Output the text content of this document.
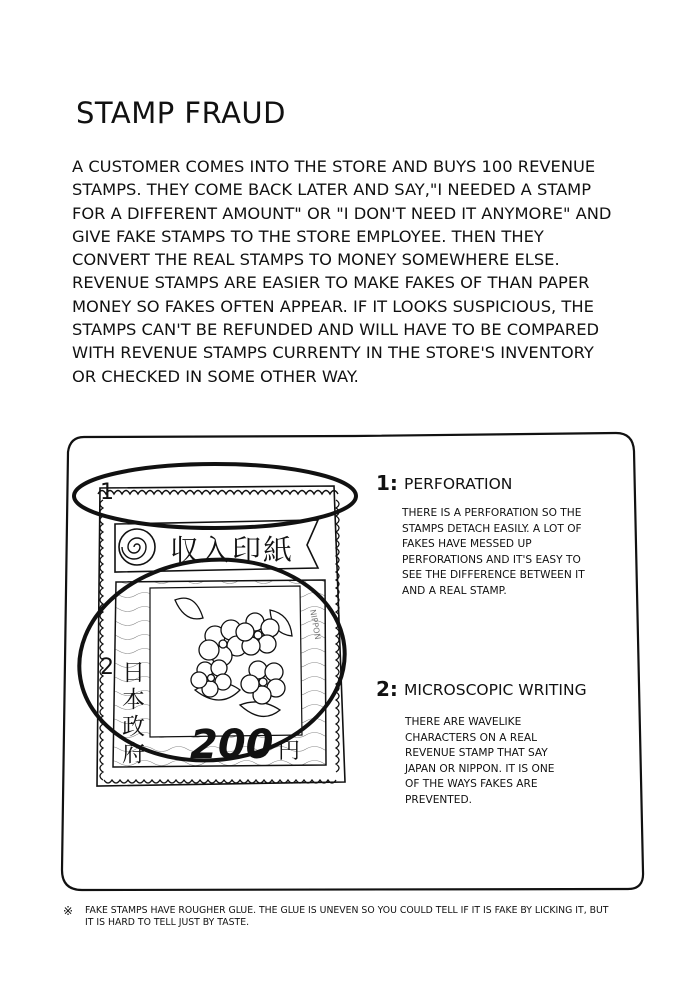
STAMP FRAUD

A CUSTOMER COMES INTO THE STORE AND BUYS 100 REVENUE STAMPS. THEY COME BACK LATER AND SAY,"I NEEDED A STAMP FOR A DIFFERENT AMOUNT" OR "I DON'T NEED IT ANYMORE" AND GIVE FAKE STAMPS TO THE STORE EMPLOYEE. THEN THEY CONVERT THE REAL STAMPS TO MONEY SOMEWHERE ELSE. REVENUE STAMPS ARE EASIER TO MAKE FAKES OF THAN PAPER MONEY SO FAKES OFTEN APPEAR. IF IT LOOKS SUSPICIOUS, THE STAMPS CAN'T BE REFUNDED AND WILL HAVE TO BE COMPARED WITH REVENUE STAMPS CURRENTY IN THE STORE'S INVENTORY OR CHECKED IN SOME OTHER WAY.

収入印紙
日本政府 200 円
NIPPON
1
2
1: PERFORATION

THERE IS A PERFORATION SO THE STAMPS DETACH EASILY. A LOT OF FAKES HAVE MESSED UP PERFORATIONS AND IT'S EASY TO SEE THE DIFFERENCE BETWEEN IT AND A REAL STAMP.

2: MICROSCOPIC WRITING

THERE ARE WAVELIKE CHARACTERS ON A REAL REVENUE STAMP THAT SAY JAPAN OR NIPPON. IT IS ONE OF THE WAYS FAKES ARE PREVENTED.

※ FAKE STAMPS HAVE ROUGHER GLUE. THE GLUE IS UNEVEN SO YOU COULD TELL IF IT IS FAKE BY LICKING IT, BUT IT IS HARD TO TELL JUST BY TASTE.
